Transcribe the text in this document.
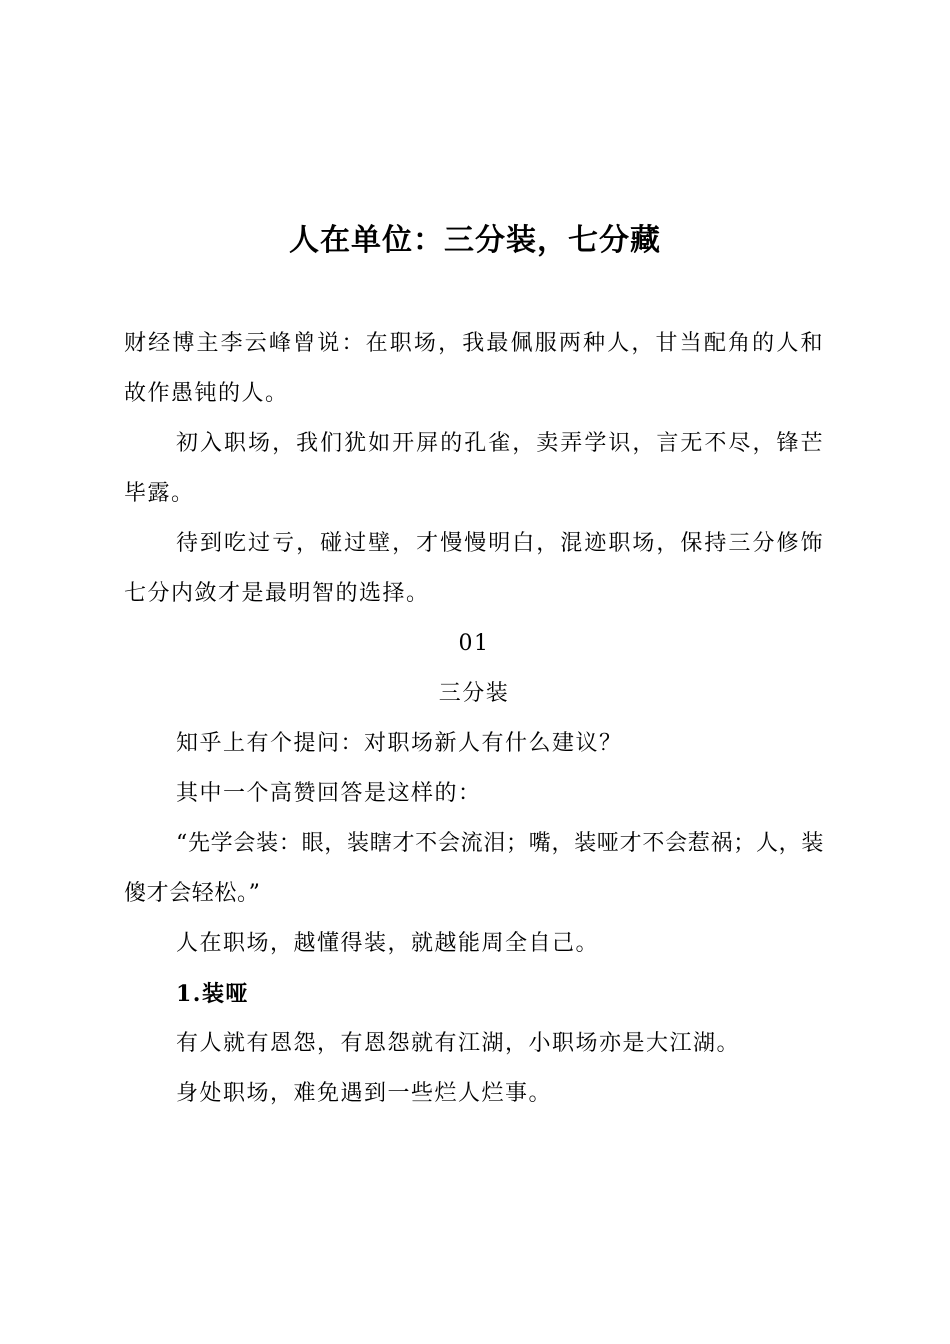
人在单位：三分装，七分藏

财经博主李云峰曾说：在职场，我最佩服两种人，甘当配角的人和故作愚钝的人。

初入职场，我们犹如开屏的孔雀，卖弄学识，言无不尽，锋芒毕露。

待到吃过亏，碰过壁，才慢慢明白，混迹职场，保持三分修饰七分内敛才是最明智的选择。

01

三分装

知乎上有个提问：对职场新人有什么建议？

其中一个高赞回答是这样的：

“先学会装：眼，装瞎才不会流泪；嘴，装哑才不会惹祸；人，装傻才会轻松。”

人在职场，越懂得装，就越能周全自己。

1.装哑

有人就有恩怨，有恩怨就有江湖，小职场亦是大江湖。

身处职场，难免遇到一些烂人烂事。
